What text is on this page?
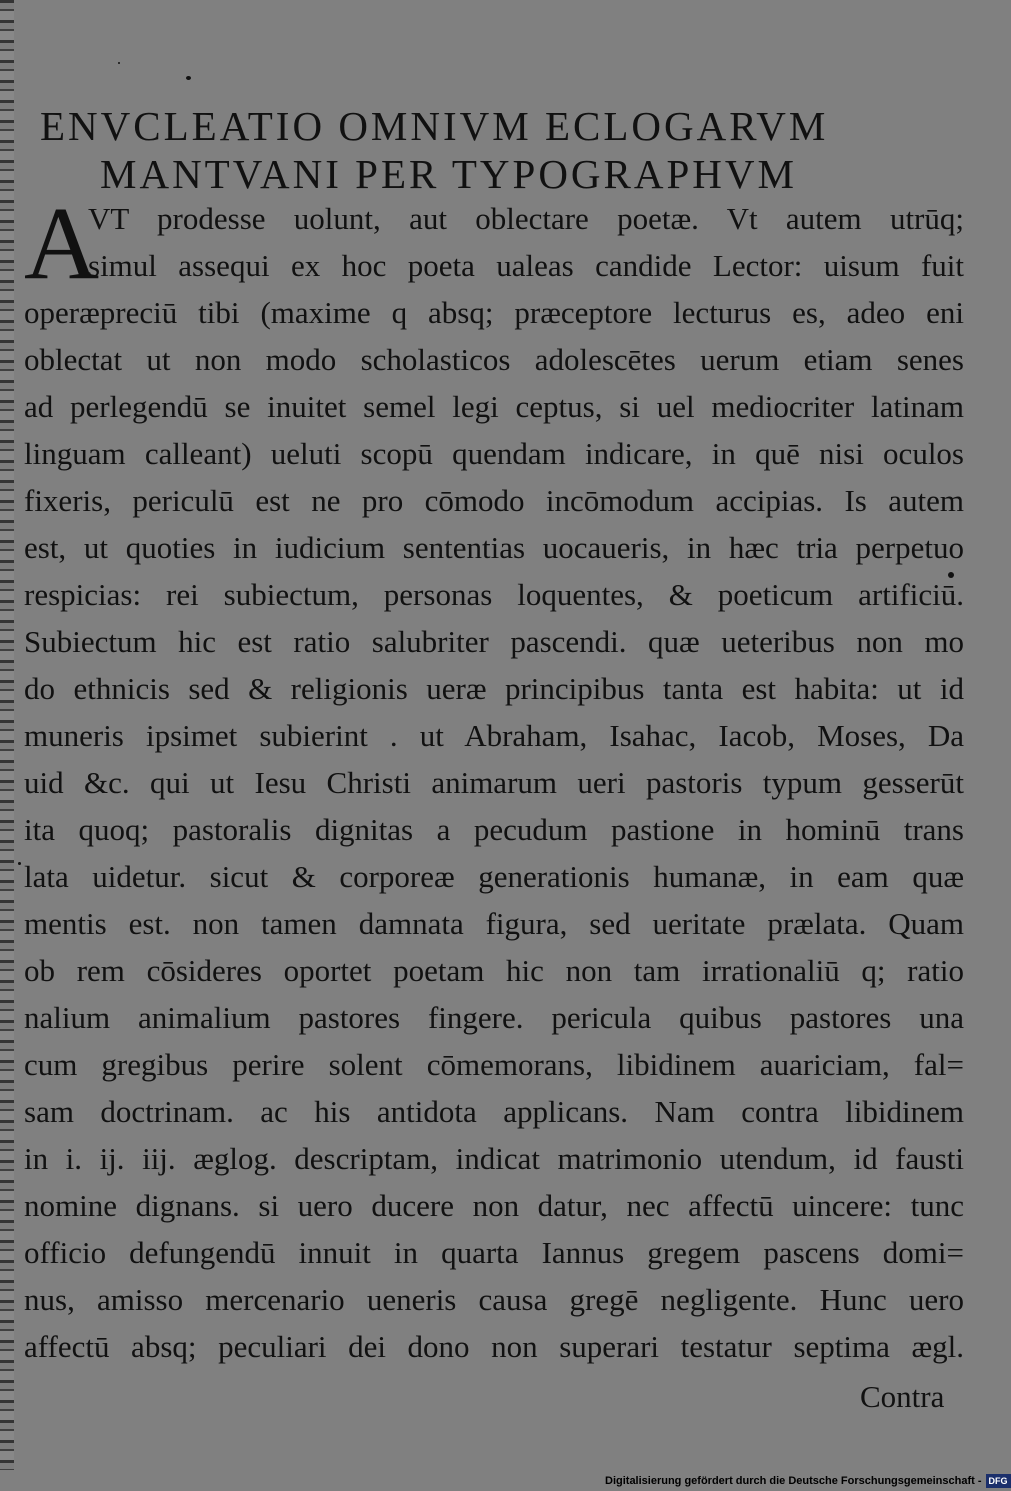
ENVCLEATIO OMNIVM ECLOGARVM
MANTVANI PER TYPOGRAPHVM
A
VT prodesse uolunt, aut oblectare poetæ. Vt autem utrūq;
simul assequi ex hoc poeta ualeas candide Lector: uisum fuit
operæpreciū tibi (maxime q absq; præceptore lecturus es, adeo eni
oblectat ut non modo scholasticos adolescētes uerum etiam senes
ad perlegendū se inuitet semel legi ceptus, si uel mediocriter latinam
linguam calleant) ueluti scopū quendam indicare, in quē nisi oculos
fixeris, periculū est ne pro cōmodo incōmodum accipias. Is autem
est, ut quoties in iudicium sententias uocaueris, in hæc tria perpetuo
respicias: rei subiectum, personas loquentes, & poeticum artificiū.
Subiectum hic est ratio salubriter pascendi. quæ ueteribus non mo
do ethnicis sed & religionis ueræ principibus tanta est habita: ut id
muneris ipsimet subierint . ut Abraham, Isahac, Iacob, Moses, Da
uid &c. qui ut Iesu Christi animarum ueri pastoris typum gesserūt
ita quoq; pastoralis dignitas a pecudum pastione in hominū trans
lata uidetur. sicut & corporeæ generationis humanæ, in eam quæ
mentis est. non tamen damnata figura, sed ueritate prælata. Quam
ob rem cōsideres oportet poetam hic non tam irrationaliū q; ratio
nalium animalium pastores fingere. pericula quibus pastores una
cum gregibus perire solent cōmemorans, libidinem auariciam, fal=
sam doctrinam. ac his antidota applicans. Nam contra libidinem
in i. ij. iij. æglog. descriptam, indicat matrimonio utendum, id fausti
nomine dignans. si uero ducere non datur, nec affectū uincere: tunc
officio defungendū innuit in quarta Iannus gregem pascens domi=
nus, amisso mercenario ueneris causa gregē negligente. Hunc uero
affectū absq; peculiari dei dono non superari testatur septima ægl.
Contra
Digitalisierung gefördert durch die Deutsche Forschungsgemeinschaft - DFG
